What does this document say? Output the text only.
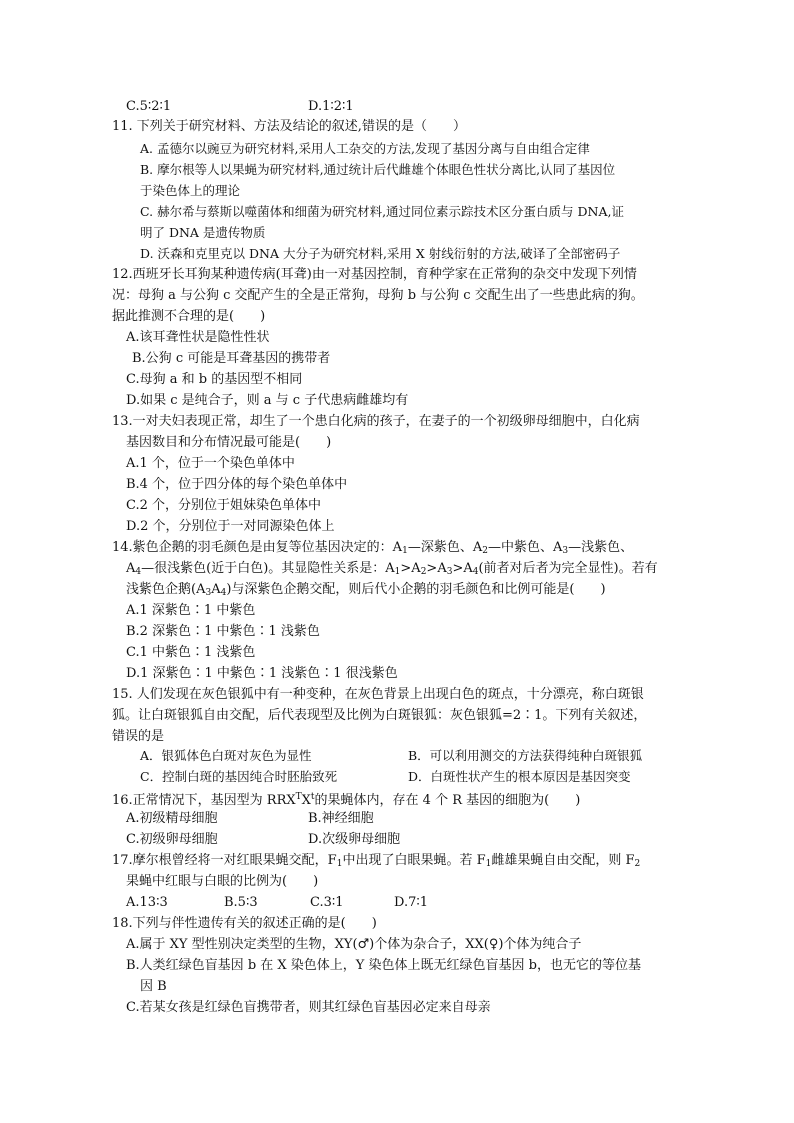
C.5∶2∶1	D.1∶2∶1
11. 下列关于研究材料、方法及结论的叙述,错误的是（　　）
A. 孟德尔以豌豆为研究材料,采用人工杂交的方法,发现了基因分离与自由组合定律
B. 摩尔根等人以果蝇为研究材料,通过统计后代雌雄个体眼色性状分离比,认同了基因位
于染色体上的理论
C. 赫尔希与蔡斯以噬菌体和细菌为研究材料,通过同位素示踪技术区分蛋白质与 DNA,证
明了 DNA 是遗传物质
D. 沃森和克里克以 DNA 大分子为研究材料,采用 X 射线衍射的方法,破译了全部密码子
12.西班牙长耳狗某种遗传病(耳聋)由一对基因控制，育种学家在正常狗的杂交中发现下列情
况：母狗 a 与公狗 c 交配产生的全是正常狗，母狗 b 与公狗 c 交配生出了一些患此病的狗。
据此推测不合理的是(　　)
A.该耳聋性状是隐性性状
B.公狗 c 可能是耳聋基因的携带者
C.母狗 a 和 b 的基因型不相同
D.如果 c 是纯合子，则 a 与 c 子代患病雌雄均有
13.一对夫妇表现正常，却生了一个患白化病的孩子，在妻子的一个初级卵母细胞中，白化病
基因数目和分布情况最可能是(　　)
A.1 个，位于一个染色单体中
B.4 个，位于四分体的每个染色单体中
C.2 个，分别位于姐妹染色单体中
D.2 个，分别位于一对同源染色体上
14.紫色企鹅的羽毛颜色是由复等位基因决定的：$A_1—$深紫色、$A_2—$中紫色、$A_3—$浅紫色、
$A_4—$很浅紫色(近于白色)。其显隐性关系是：$A_1>A_2>A_3>A_4$(前者对后者为完全显性)。若有
浅紫色企鹅$(A_3A_4)$与深紫色企鹅交配，则后代小企鹅的羽毛颜色和比例可能是(　　)
A.1 深紫色∶1 中紫色
B.2 深紫色∶1 中紫色∶1 浅紫色
C.1 中紫色∶1 浅紫色
D.1 深紫色∶1 中紫色∶1 浅紫色∶1 很浅紫色
15. 人们发现在灰色银狐中有一种变种，在灰色背景上出现白色的斑点，十分漂亮，称白斑银
狐。让白斑银狐自由交配，后代表现型及比例为白斑银狐：灰色银狐=2∶1。下列有关叙述，
错误的是
A．银狐体色白斑对灰色为显性	B．可以利用测交的方法获得纯种白斑银狐
C．控制白斑的基因纯合时胚胎致死	D．白斑性状产生的根本原因是基因突变
16.正常情况下，基因型为 $RRX^TX^t$的果蝇体内，存在 4 个 R 基因的细胞为(　　)
A.初级精母细胞	B.神经细胞
C.初级卵母细胞	D.次级卵母细胞
17.摩尔根曾经将一对红眼果蝇交配，$F_1$中出现了白眼果蝇。若 $F_1$雌雄果蝇自由交配，则 $F_2$
果蝇中红眼与白眼的比例为(　　)
A.13∶3	B.5∶3	C.3∶1	D.7∶1
18.下列与伴性遗传有关的叙述正确的是(　　)
A.属于 XY 型性别决定类型的生物，XY(♂)个体为杂合子，XX(♀)个体为纯合子
B.人类红绿色盲基因 b 在 X 染色体上，Y 染色体上既无红绿色盲基因 b，也无它的等位基
因 B
C.若某女孩是红绿色盲携带者，则其红绿色盲基因必定来自母亲
